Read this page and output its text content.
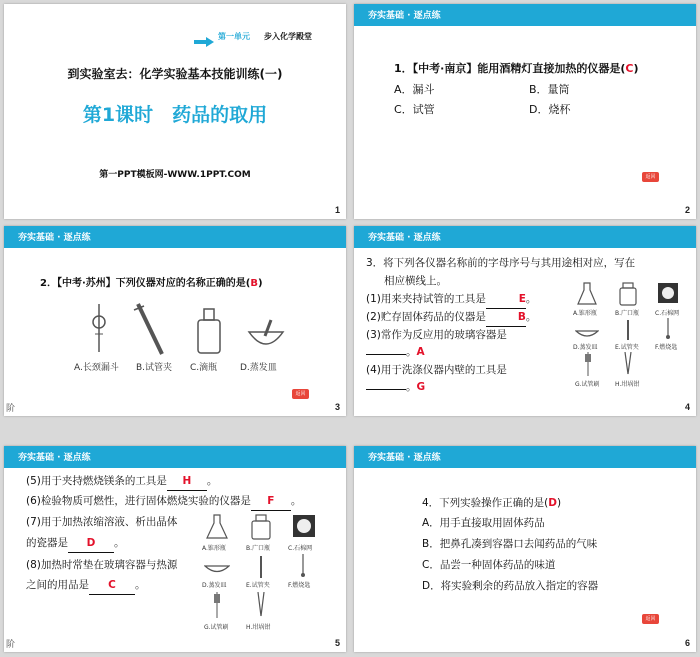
第一单元 步入化学殿堂
到实验室去：化学实验基本技能训练(一)
第1课时　药品的取用
第一PPT模板网-WWW.1PPT.COM
1
夯实基础 · 逐点练
1．【中考·南京】能用酒精灯直接加热的仪器是(C)
A．漏斗	B．量筒
C．试管	D．烧杯
返回
2
夯实基础 · 逐点练
2．【中考·苏州】下列仪器对应的名称正确的是(B)
A.长颈漏斗 B.试管夹 C.滴瓶	D.蒸发皿
返回
阶	3
夯实基础 · 逐点练
3．将下列各仪器名称前的字母序号与其用途相对应，写在
相应横线上。
(1)用来夹持试管的工具是	E。
(2)贮存固体药品的仪器是	B。
(3)常作为反应用的玻璃容器是
。A
(4)用于洗涤仪器内壁的工具是
。G
A.锥形瓶	B.广口瓶	C.石棉网
D.蒸发皿	E.试管夹	F.燃烧匙
G.试管刷	H.坩埚钳
4
夯实基础 · 逐点练
(5)用于夹持燃烧镁条的工具是 H 。
(6)检验物质可燃性，进行固体燃烧实验的仪器是 F 。
(7)用于加热浓缩溶液、析出晶体
的瓷器是 D 。
(8)加热时常垫在玻璃容器与热源
之间的用品是 C 。
A.锥形瓶	B.广口瓶	C.石棉网
D.蒸发皿	E.试管夹	F.燃烧匙
G.试管刷	H.坩埚钳
阶	5
夯实基础 · 逐点练
4．下列实验操作正确的是(D)
A．用手直接取用固体药品
B．把鼻孔凑到容器口去闻药品的气味
C．品尝一种固体药品的味道
D．将实验剩余的药品放入指定的容器
返回
6
